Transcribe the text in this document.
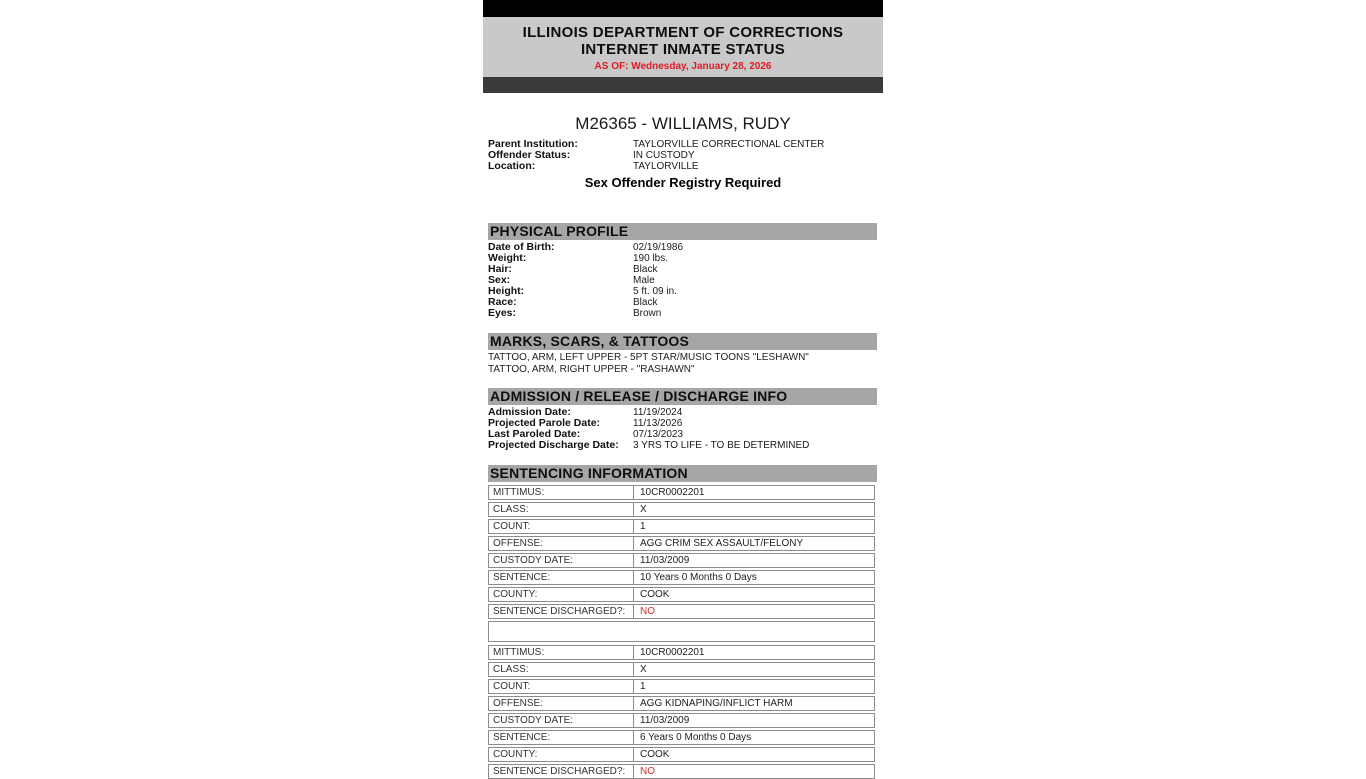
ILLINOIS DEPARTMENT OF CORRECTIONS
INTERNET INMATE STATUS
AS OF: Wednesday, January 28, 2026
M26365 - WILLIAMS, RUDY
Parent Institution:	TAYLORVILLE CORRECTIONAL CENTER
Offender Status:	IN CUSTODY
Location:	TAYLORVILLE
Sex Offender Registry Required
PHYSICAL PROFILE
Date of Birth:	02/19/1986
Weight:	190 lbs.
Hair:	Black
Sex:	Male
Height:	5 ft. 09 in.
Race:	Black
Eyes:	Brown
MARKS, SCARS, & TATTOOS
TATTOO, ARM, LEFT UPPER - 5PT STAR/MUSIC TOONS "LESHAWN"
TATTOO, ARM, RIGHT UPPER - "RASHAWN"
ADMISSION / RELEASE / DISCHARGE INFO
Admission Date:	11/19/2024
Projected Parole Date:	11/13/2026
Last Paroled Date:	07/13/2023
Projected Discharge Date:	3 YRS TO LIFE - TO BE DETERMINED
SENTENCING INFORMATION
MITTIMUS:	10CR0002201
CLASS:	X
COUNT:	1
OFFENSE:	AGG CRIM SEX ASSAULT/FELONY
CUSTODY DATE:	11/03/2009
SENTENCE:	10 Years 0 Months 0 Days
COUNTY:	COOK
SENTENCE DISCHARGED?:	NO
MITTIMUS:	10CR0002201
CLASS:	X
COUNT:	1
OFFENSE:	AGG KIDNAPING/INFLICT HARM
CUSTODY DATE:	11/03/2009
SENTENCE:	6 Years 0 Months 0 Days
COUNTY:	COOK
SENTENCE DISCHARGED?:	NO
